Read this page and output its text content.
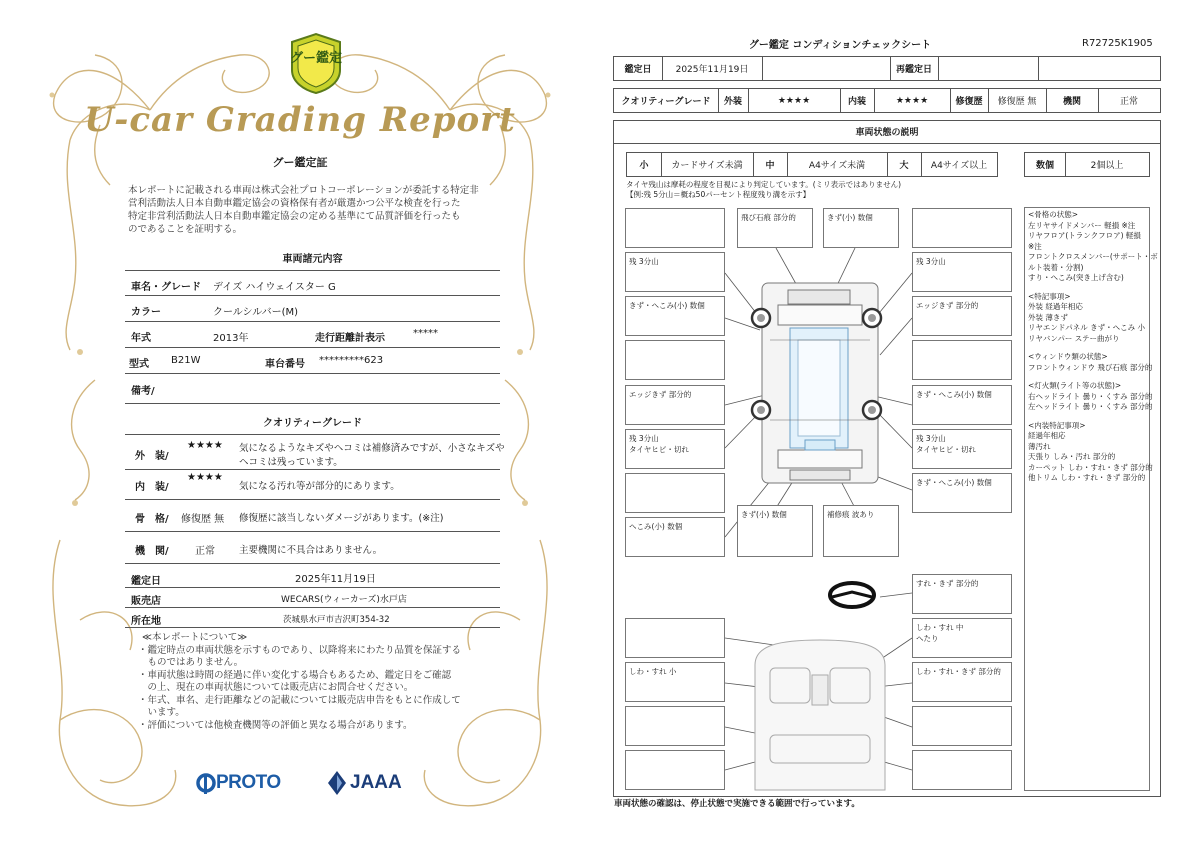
グー鑑定
U-car Grading Report
グー鑑定証
本レポートに記載される車両は株式会社プロトコーポレーションが委託する特定非
営利活動法人日本自動車鑑定協会の資格保有者が厳選かつ公平な検査を行った
特定非営利活動法人日本自動車鑑定協会の定める基準にて品質評価を行ったも
のであることを証明する。
車両諸元内容
車名・グレード デイズ ハイウェイスター G
カラー	クールシルバー(M)
年式	2013年	走行距離計表示	*****
型式 B21W	車台番号 *********623
備考/
クオリティーグレード
外　装/
★★★★ 気になるようなキズやヘコミは補修済みですが、小さなキズや
ヘコミは残っています。
内　装/
★★★★
気になる汚れ等が部分的にあります。
骨　格/ 修復歴 無 修復歴に該当しないダメージがあります。(※注)
機　関/	正常	主要機関に不具合はありません。
鑑定日	2025年11月19日
販売店	WECARS(ウィーカーズ)水戸店
所在地	茨城県水戸市吉沢町354-32
≪本レポートについて≫
・鑑定時点の車両状態を示すものであり、以降将来にわたり品質を保証する
　ものではありません。
・車両状態は時間の経過に伴い変化する場合もあるため、鑑定日をご確認
　の上、現在の車両状態については販売店にお問合せください。
・年式、車名、走行距離などの記載については販売店申告をもとに作成して
　います。
・評価については他検査機関等の評価と異なる場合があります。
PROTO	JAAA
グー鑑定 コンディションチェックシート	R72725K1905
鑑定日	2025年11月19日	再鑑定日
クオリティーグレード	外装	★★★★	内装	★★★★	修復歴	修復歴 無	機関	正常
車両状態の説明
小	カードサイズ未満	中	A4サイズ未満	大	A4サイズ以上	数個	2個以上
タイヤ残山は摩耗の程度を目視により判定しています。(ミリ表示ではありません)
【例:残 5分山＝概ね50パーセント程度残り溝を示す】
飛び石痕 部分的	きず(小) 数個
残 3分山	残 3分山
きず・へこみ(小) 数個	エッジきず 部分的
エッジきず 部分的	きず・へこみ(小) 数個
残 3分山
タイヤヒビ・切れ
残 3分山
タイヤヒビ・切れ
きず・へこみ(小) 数個
へこみ(小) 数個
きず(小) 数個	補修痕 波あり
すれ・きず 部分的
しわ・すれ 中
へたり
しわ・すれ 小	しわ・すれ・きず 部分的
<骨格の状態>
左リヤサイドメンバー 軽損 ※注
リヤフロア(トランクフロア) 軽損
※注
フロントクロスメンバー(サポート・ボ
ルト装着・分割)
すり・へこみ(突き上げ含む)
<特記事項>
外装 経過年相応
外装 薄きず
リヤエンドパネル きず・へこみ 小
リヤバンパー ステー曲がり
<ウィンドウ類の状態>
フロントウィンドウ 飛び石痕 部分的
<灯火類(ライト等の状態)>
右ヘッドライト 曇り・くすみ 部分的
左ヘッドライト 曇り・くすみ 部分的
<内装特記事項>
経過年相応
薄汚れ
天張り しみ・汚れ 部分的
カーペット しわ・すれ・きず 部分的
他トリム しわ・すれ・きず 部分的
車両状態の確認は、停止状態で実施できる範囲で行っています。
